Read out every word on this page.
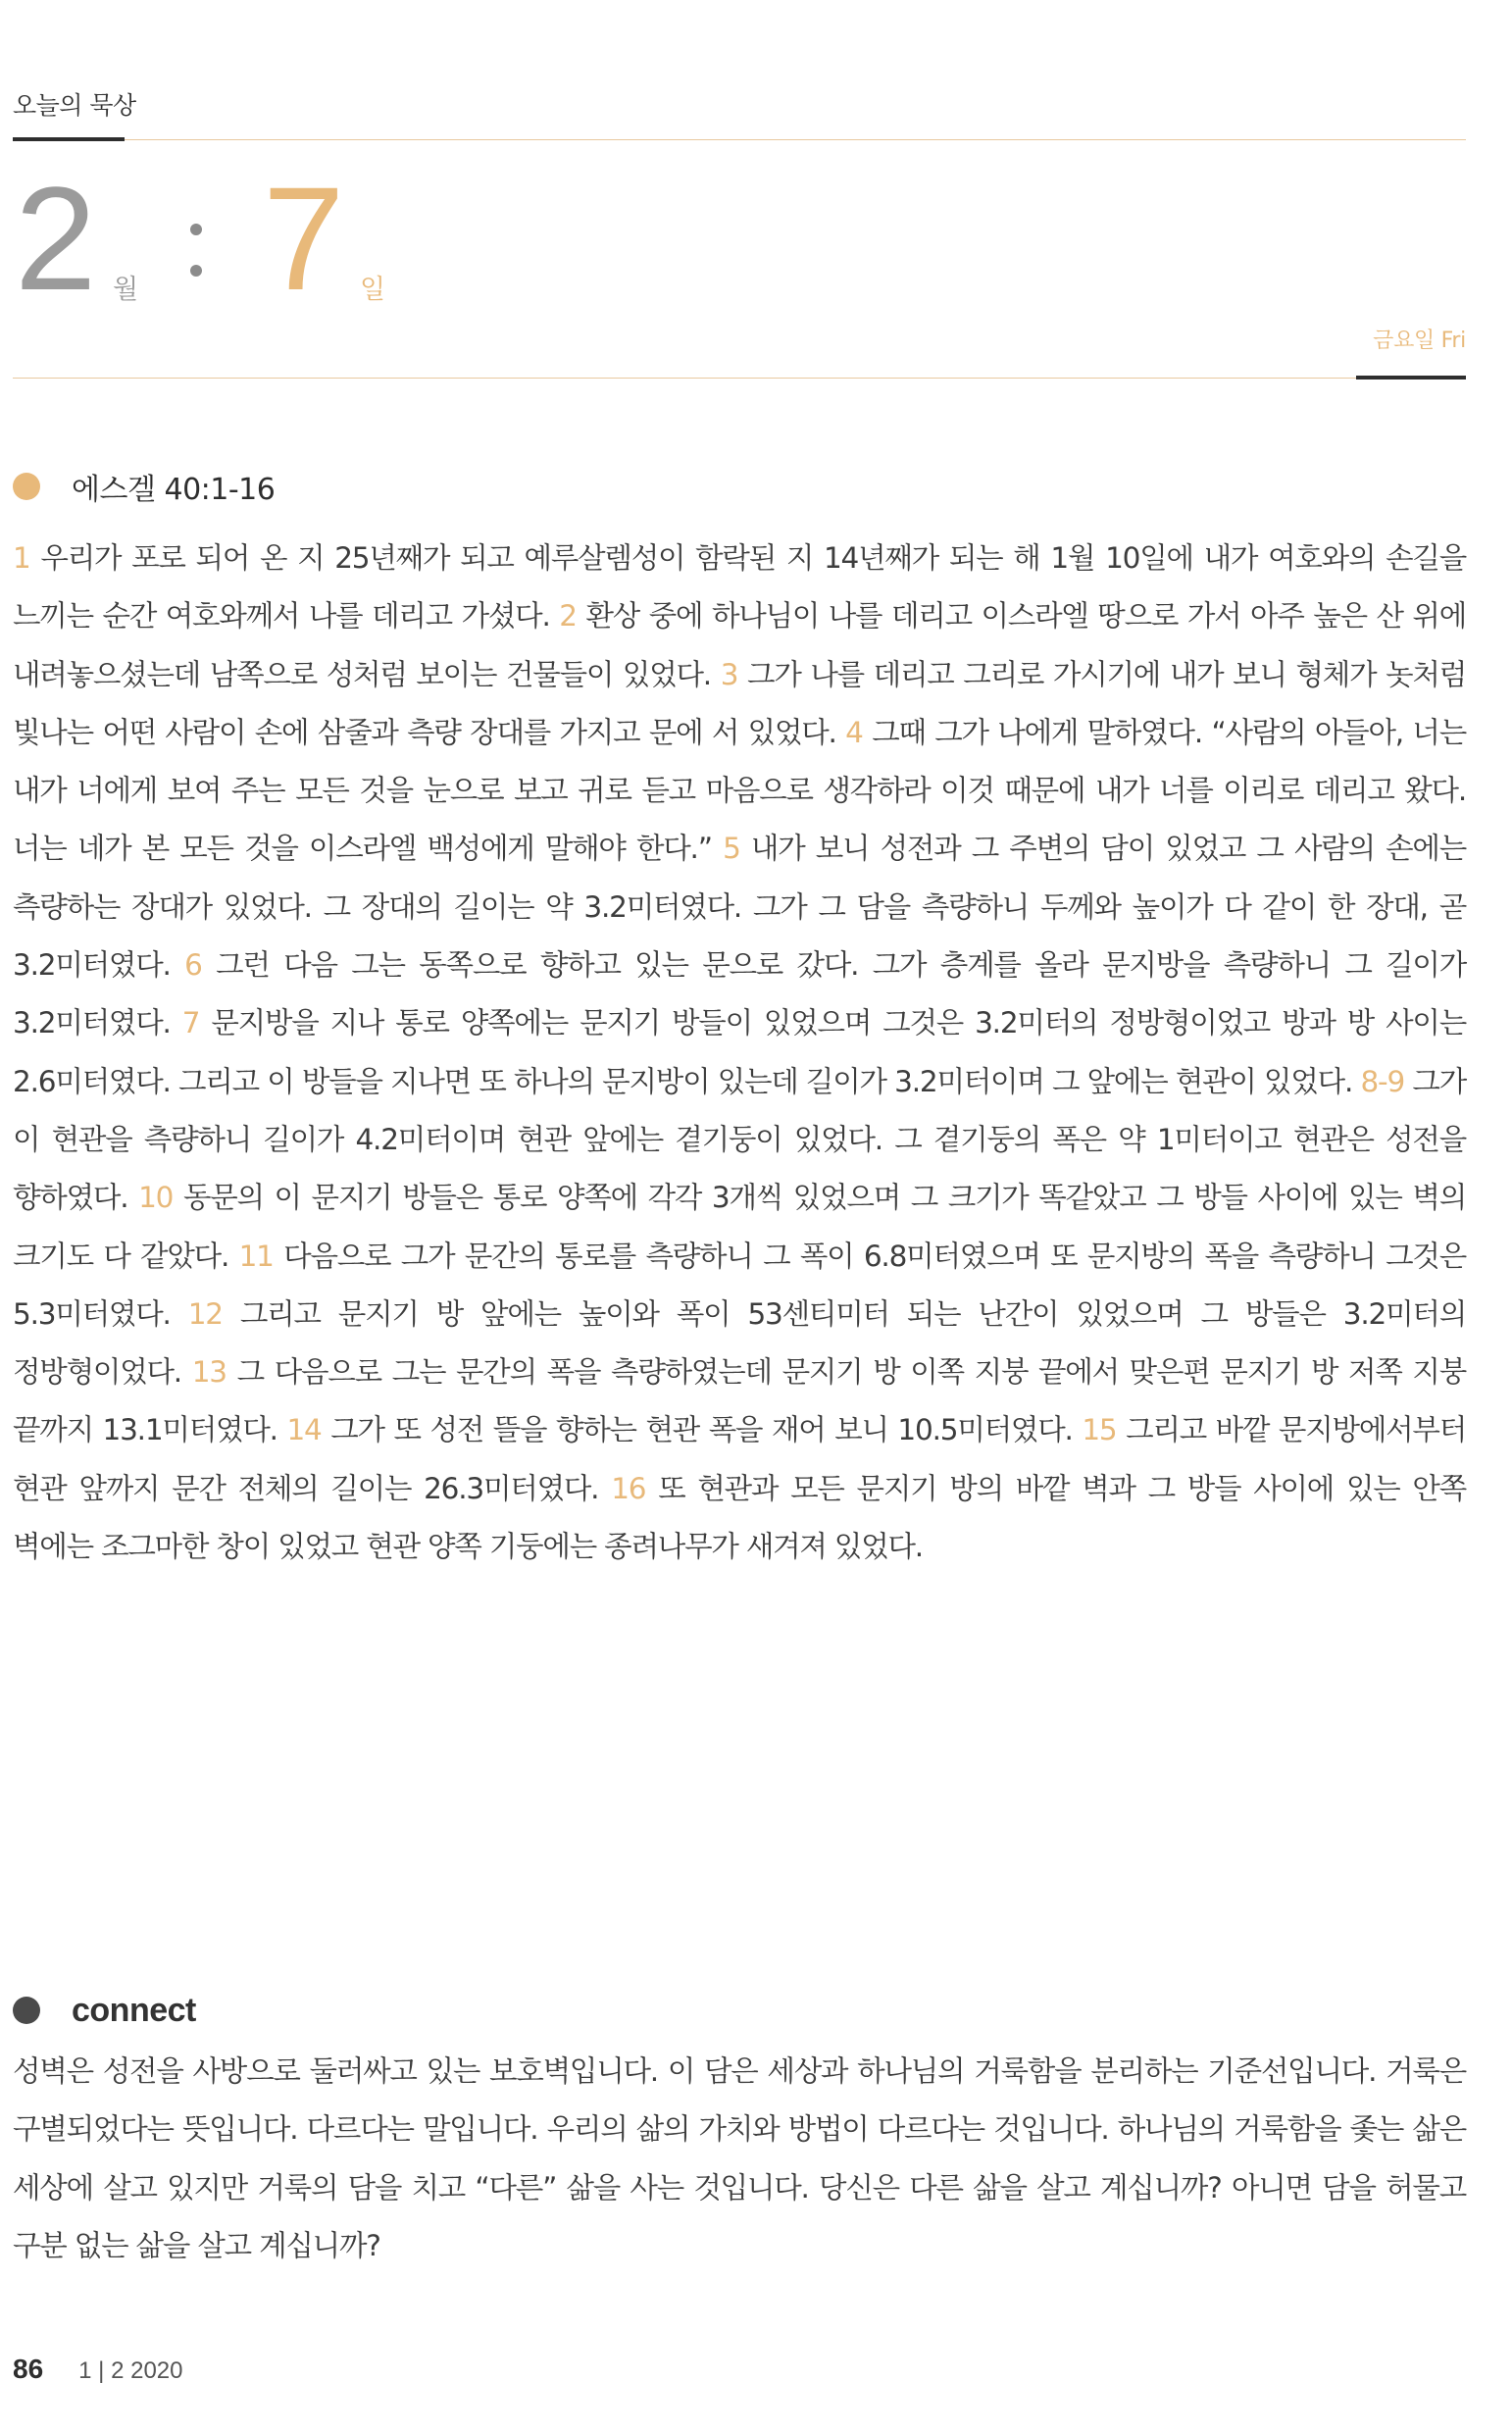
오늘의 묵상
2 월 7 일
금요일 Fri
에스겔 40:1-16
1 우리가 포로 되어 온 지 25년째가 되고 예루살렘성이 함락된 지 14년째가 되는 해 1월 10일에 내가 여호와의 손길을 느끼는 순간 여호와께서 나를 데리고 가셨다. 2 환상 중에 하나님이 나를 데리고 이스라엘 땅으로 가서 아주 높은 산 위에 내려놓으셨는데 남쪽으로 성처럼 보이는 건물들이 있었다. 3 그가 나를 데리고 그리로 가시기에 내가 보니 형체가 놋처럼 빛나는 어떤 사람이 손에 삼줄과 측량 장대를 가지고 문에 서 있었다. 4 그때 그가 나에게 말하였다. “사람의 아들아, 너는 내가 너에게 보여 주는 모든 것을 눈으로 보고 귀로 듣고 마음으로 생각하라 이것 때문에 내가 너를 이리로 데리고 왔다. 너는 네가 본 모든 것을 이스라엘 백성에게 말해야 한다.” 5 내가 보니 성전과 그 주변의 담이 있었고 그 사람의 손에는 측량하는 장대가 있었다. 그 장대의 길이는 약 3.2미터였다. 그가 그 담을 측량하니 두께와 높이가 다 같이 한 장대, 곧 3.2미터였다. 6 그런 다음 그는 동쪽으로 향하고 있는 문으로 갔다. 그가 층계를 올라 문지방을 측량하니 그 길이가 3.2미터였다. 7 문지방을 지나 통로 양쪽에는 문지기 방들이 있었으며 그것은 3.2미터의 정방형이었고 방과 방 사이는 2.6미터였다. 그리고 이 방들을 지나면 또 하나의 문지방이 있는데 길이가 3.2미터이며 그 앞에는 현관이 있었다. 8-9 그가 이 현관을 측량하니 길이가 4.2미터이며 현관 앞에는 곁기둥이 있었다. 그 곁기둥의 폭은 약 1미터이고 현관은 성전을 향하였다. 10 동문의 이 문지기 방들은 통로 양쪽에 각각 3개씩 있었으며 그 크기가 똑같았고 그 방들 사이에 있는 벽의 크기도 다 같았다. 11 다음으로 그가 문간의 통로를 측량하니 그 폭이 6.8미터였으며 또 문지방의 폭을 측량하니 그것은 5.3미터였다. 12 그리고 문지기 방 앞에는 높이와 폭이 53센티미터 되는 난간이 있었으며 그 방들은 3.2미터의 정방형이었다. 13 그 다음으로 그는 문간의 폭을 측량하였는데 문지기 방 이쪽 지붕 끝에서 맞은편 문지기 방 저쪽 지붕 끝까지 13.1미터였다. 14 그가 또 성전 뜰을 향하는 현관 폭을 재어 보니 10.5미터였다. 15 그리고 바깥 문지방에서부터 현관 앞까지 문간 전체의 길이는 26.3미터였다. 16 또 현관과 모든 문지기 방의 바깥 벽과 그 방들 사이에 있는 안쪽 벽에는 조그마한 창이 있었고 현관 양쪽 기둥에는 종려나무가 새겨져 있었다.
connect
성벽은 성전을 사방으로 둘러싸고 있는 보호벽입니다. 이 담은 세상과 하나님의 거룩함을 분리하는 기준선입니다. 거룩은 구별되었다는 뜻입니다. 다르다는 말입니다. 우리의 삶의 가치와 방법이 다르다는 것입니다. 하나님의 거룩함을 좇는 삶은 세상에 살고 있지만 거룩의 담을 치고 “다른” 삶을 사는 것입니다. 당신은 다른 삶을 살고 계십니까? 아니면 담을 허물고 구분 없는 삶을 살고 계십니까?
86 1 | 2 2020
